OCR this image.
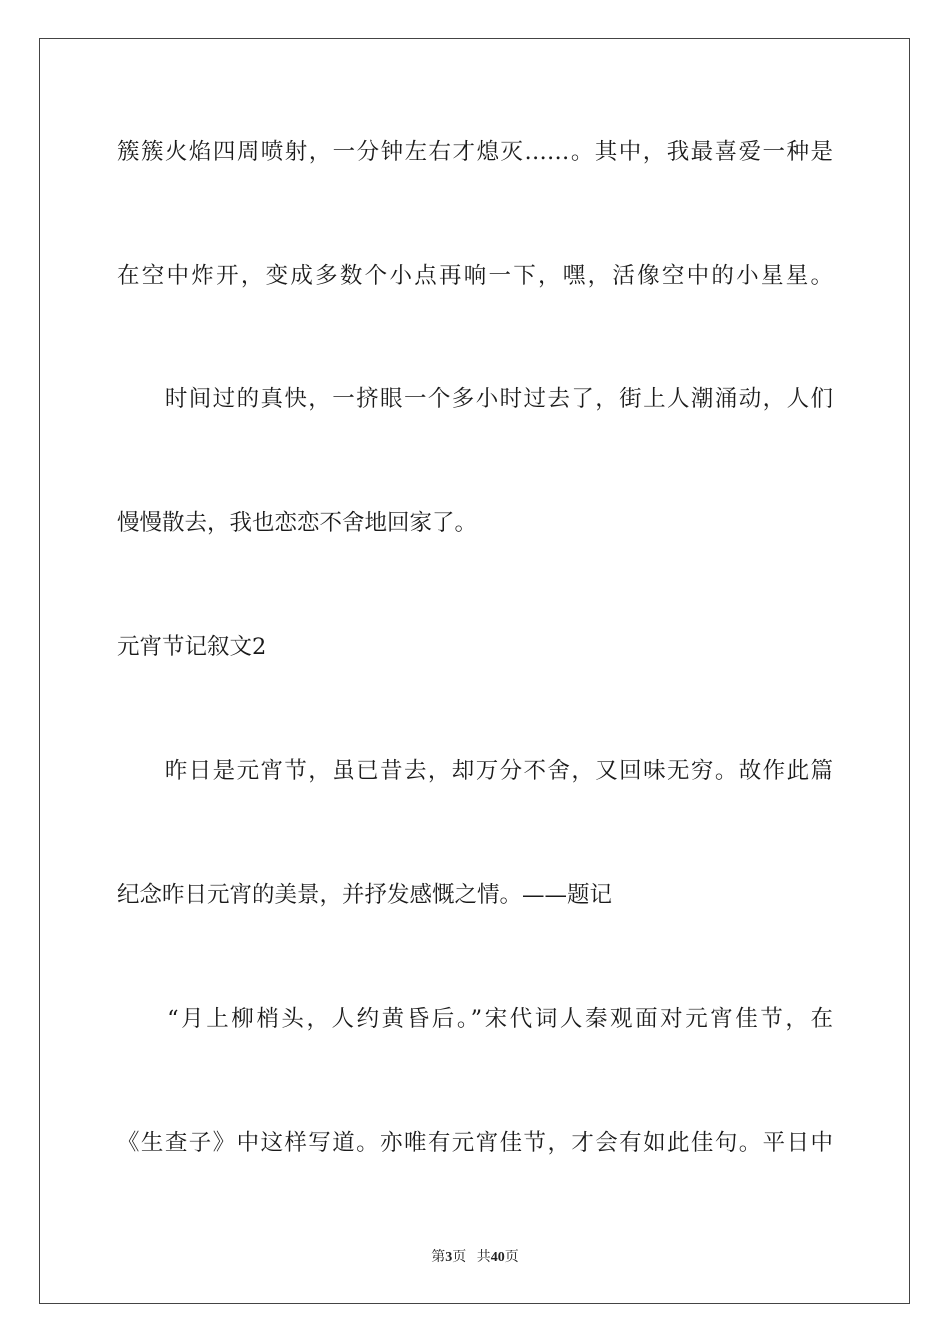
簇簇火焰四周喷射，一分钟左右才熄灭……。其中，我最喜爱一种是
在空中炸开，变成多数个小点再响一下，嘿，活像空中的小星星。
　　时间过的真快，一挤眼一个多小时过去了，街上人潮涌动，人们
慢慢散去，我也恋恋不舍地回家了。
元宵节记叙文2
　　昨日是元宵节，虽已昔去，却万分不舍，又回味无穷。故作此篇
纪念昨日元宵的美景，并抒发感慨之情。——题记
　　“月上柳梢头，人约黄昏后。”宋代词人秦观面对元宵佳节，在
《生查子》中这样写道。亦唯有元宵佳节，才会有如此佳句。平日中
第3页 共40页
